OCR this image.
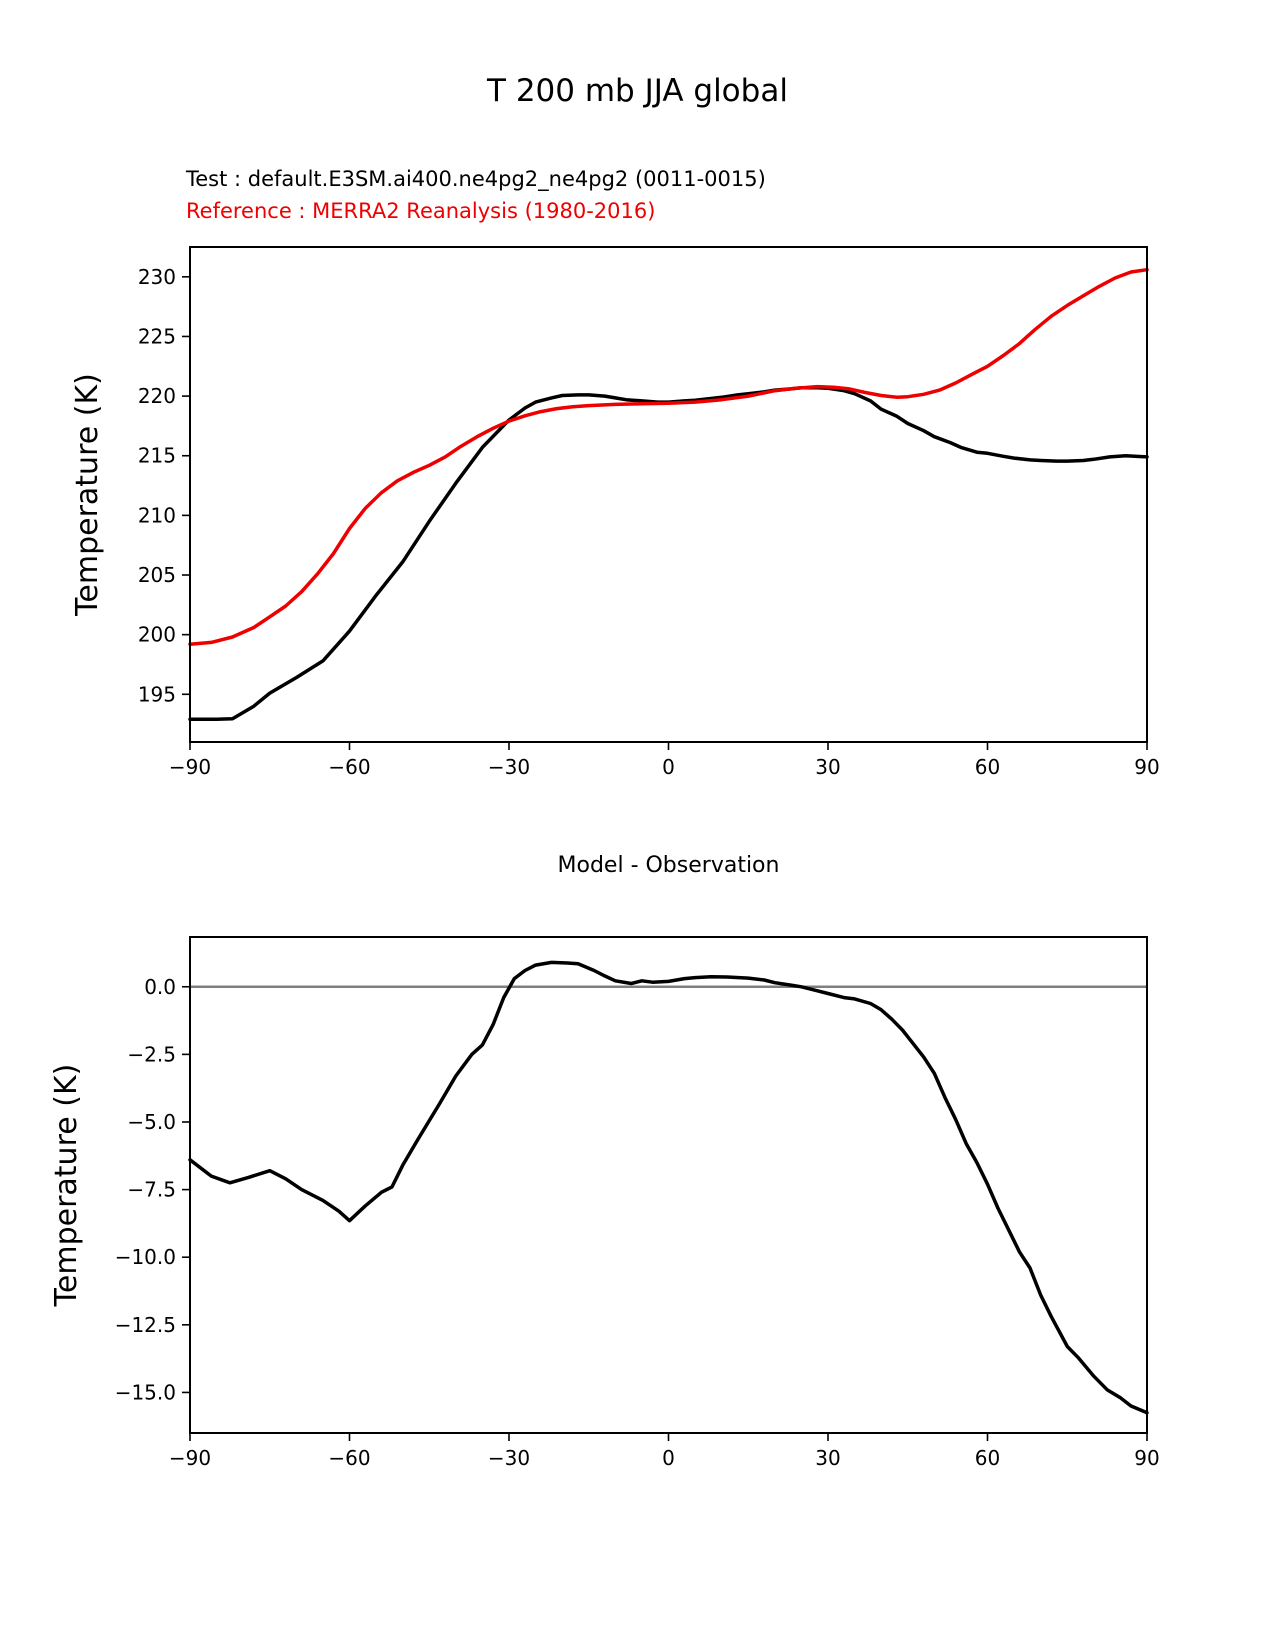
T 200 mb JJA global
Test : default.E3SM.ai400.ne4pg2_ne4pg2 (0011-0015)
Reference : MERRA2 Reanalysis (1980-2016)
Model - Observation
−90	−60	−30	0	30	60	90
195
200
205
210
215
220
225
230
Temperature (K)
−90	−60	−30	0	30	60	90
0.0
−2.5
−5.0
−7.5
−10.0
−12.5
−15.0
Temperature (K)
